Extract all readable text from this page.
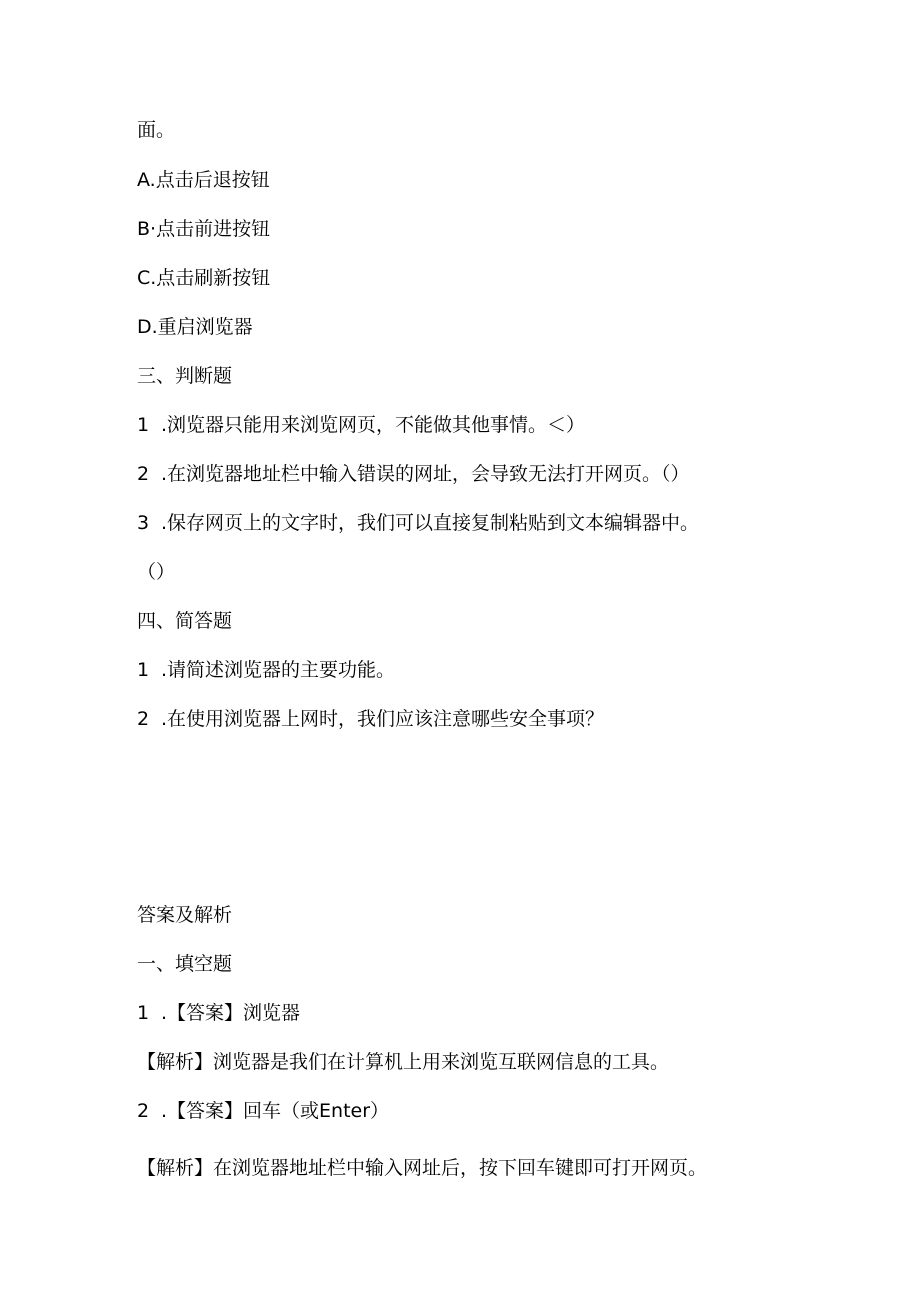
面。
A.点击后退按钮
B·点击前进按钮
C.点击刷新按钮
D.重启浏览器
三、判断题
1 .浏览器只能用来浏览网页，不能做其他事情。＜）
2 .在浏览器地址栏中输入错误的网址，会导致无法打开网页。（）
3 .保存网页上的文字时，我们可以直接复制粘贴到文本编辑器中。
（）
四、简答题
1 .请简述浏览器的主要功能。
2 .在使用浏览器上网时，我们应该注意哪些安全事项？
答案及解析
一、填空题
1 .【答案】浏览器
【解析】浏览器是我们在计算机上用来浏览互联网信息的工具。
2 .【答案】回车（或Enter）
【解析】在浏览器地址栏中输入网址后，按下回车键即可打开网页。
